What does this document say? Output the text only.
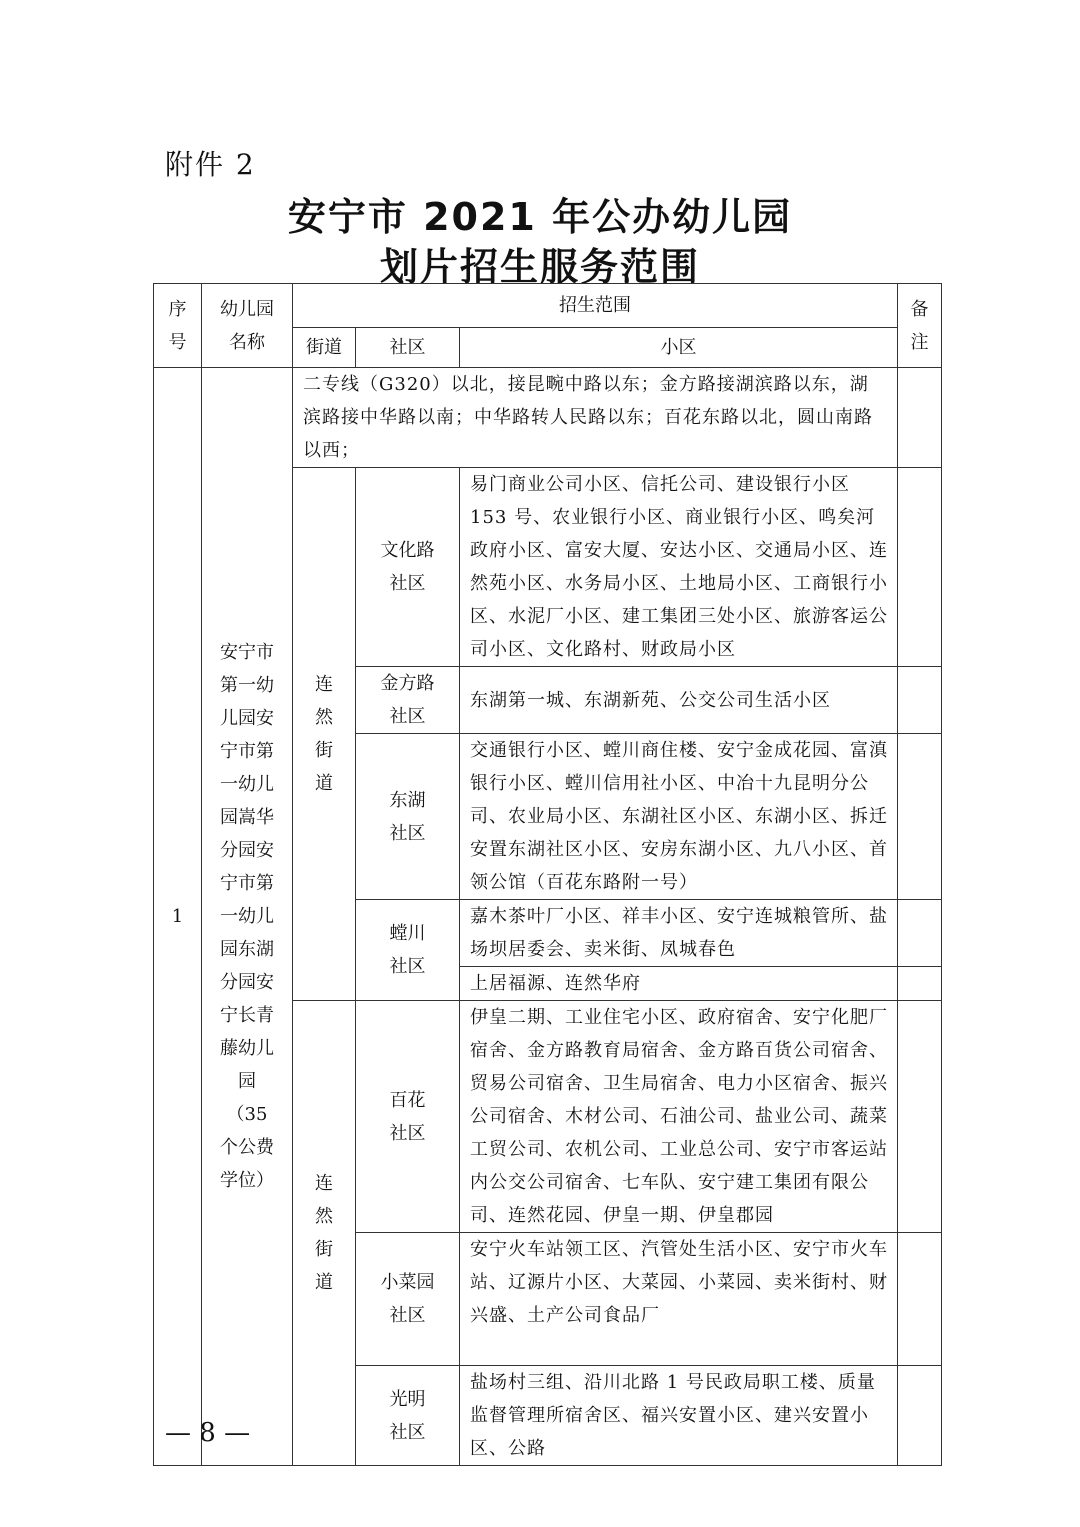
附件 2
安宁市 2021 年公办幼儿园
划片招生服务范围
序号	幼儿园名称	招生范围			备注
		街道	社区	小区	
1	安宁市第一幼儿园安宁市第一幼儿园嵩华分园安宁市第一幼儿园东湖分园安宁长青藤幼儿园（35个公费学位）	二专线（G320）以北，接昆畹中路以东；金方路接湖滨路以东，湖滨路接中华路以南；中华路转人民路以东；百花东路以北，圆山南路以西；			
		连然街道	文化路社区	易门商业公司小区、信托公司、建设银行小区 153 号、农业银行小区、商业银行小区、鸣矣河政府小区、富安大厦、安达小区、交通局小区、连然苑小区、水务局小区、土地局小区、工商银行小区、水泥厂小区、建工集团三处小区、旅游客运公司小区、文化路村、财政局小区	
			金方路社区	东湖第一城、东湖新苑、公交公司生活小区	
			东湖社区	交通银行小区、螳川商住楼、安宁金成花园、富滇银行小区、螳川信用社小区、中冶十九昆明分公司、农业局小区、东湖社区小区、东湖小区、拆迁安置东湖社区小区、安房东湖小区、九八小区、首领公馆（百花东路附一号）	
			螳川社区	嘉木茶叶厂小区、祥丰小区、安宁连城粮管所、盐场坝居委会、卖米街、凤城春色	
				上居福源、连然华府	
		连然街道	百花社区	伊皇二期、工业住宅小区、政府宿舍、安宁化肥厂宿舍、金方路教育局宿舍、金方路百货公司宿舍、贸易公司宿舍、卫生局宿舍、电力小区宿舍、振兴公司宿舍、木材公司、石油公司、盐业公司、蔬菜工贸公司、农机公司、工业总公司、安宁市客运站内公交公司宿舍、七车队、安宁建工集团有限公司、连然花园、伊皇一期、伊皇郡园	
			小菜园社区	安宁火车站领工区、汽管处生活小区、安宁市火车站、辽源片小区、大菜园、小菜园、卖米街村、财兴盛、土产公司食品厂	
			光明社区	盐场村三组、沿川北路 1 号民政局职工楼、质量监督管理所宿舍区、福兴安置小区、建兴安置小区、公路	
— 8 —
